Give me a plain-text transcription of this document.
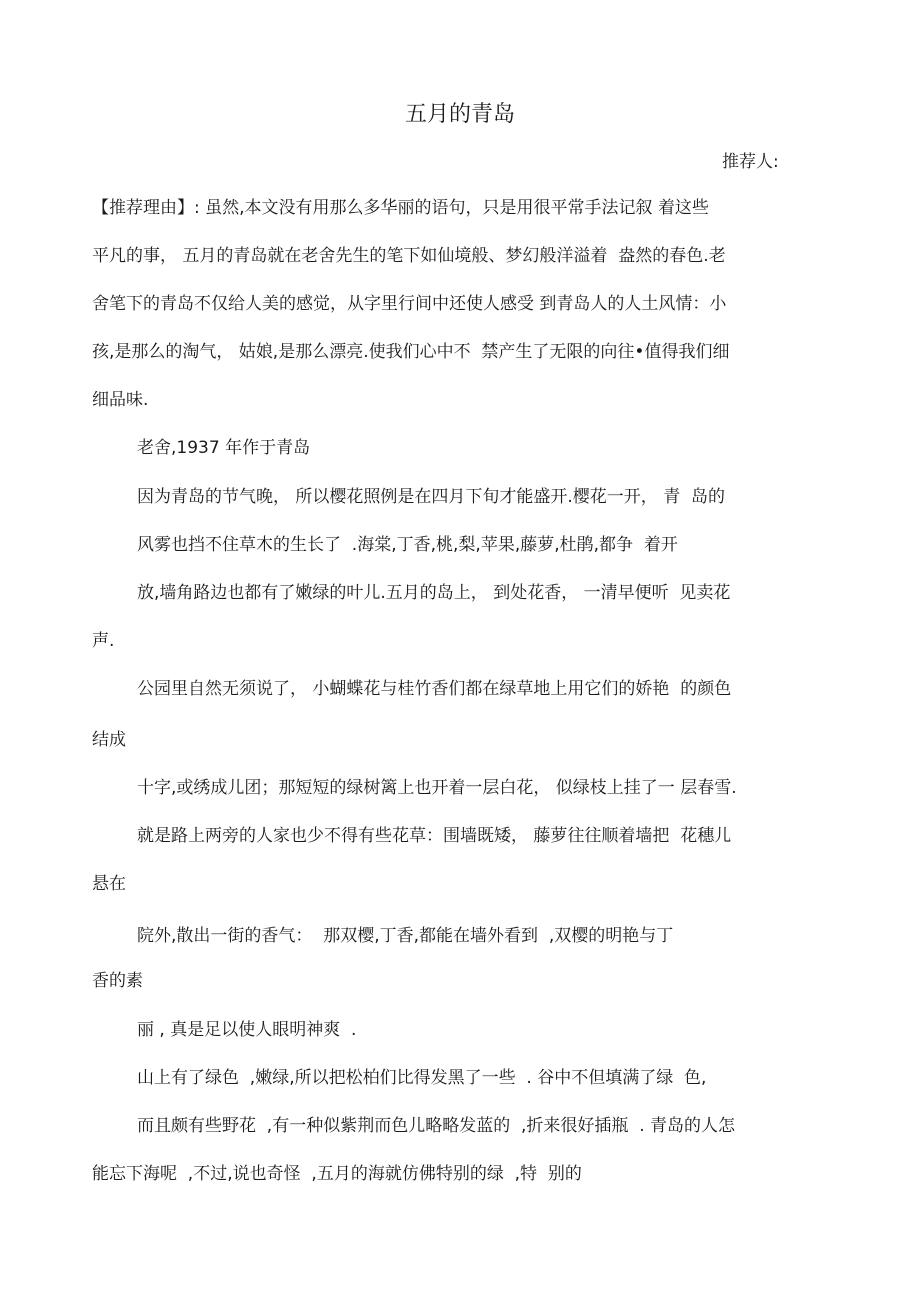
五月的青岛
推荐人:
【推荐理由】: 虽然,本文没有用那么多华丽的语句，只是用很平常手法记叙 着这些
平凡的事， 五月的青岛就在老舍先生的笔下如仙境般、梦幻般洋溢着  盎然的春色.老
舍笔下的青岛不仅给人美的感觉，从字里行间中还使人感受 到青岛人的人土风情：小
孩,是那么的淘气， 姑娘,是那么漂亮.使我们心中不  禁产生了无限的向往•值得我们细
细品味.
老舍,1937 年作于青岛
因为青岛的节气晚， 所以樱花照例是在四月下旬才能盛开.樱花一开， 青  岛的
风雾也挡不住草木的生长了  .海棠,丁香,桃,梨,苹果,藤萝,杜鹃,都争  着开
放,墙角路边也都有了嫩绿的叶儿.五月的岛上， 到处花香， 一清早便听  见卖花
声.
公园里自然无须说了， 小蝴蝶花与桂竹香们都在绿草地上用它们的娇艳  的颜色
结成
十字,或绣成儿团；那短短的绿树篱上也开着一层白花， 似绿枝上挂了一 层春雪.
就是路上两旁的人家也少不得有些花草：围墙既矮， 藤萝往往顺着墙把  花穗儿
悬在
院外,散出一街的香气：  那双樱,丁香,都能在墙外看到  ,双樱的明艳与丁
香的素
丽 , 真是足以使人眼明神爽  .
山上有了绿色  ,嫩绿,所以把松柏们比得发黑了一些  . 谷中不但填满了绿  色,
而且颇有些野花  ,有一种似紫荆而色儿略略发蓝的  ,折来很好插瓶  . 青岛的人怎
能忘下海呢  ,不过,说也奇怪  ,五月的海就仿佛特别的绿  ,特  别的
